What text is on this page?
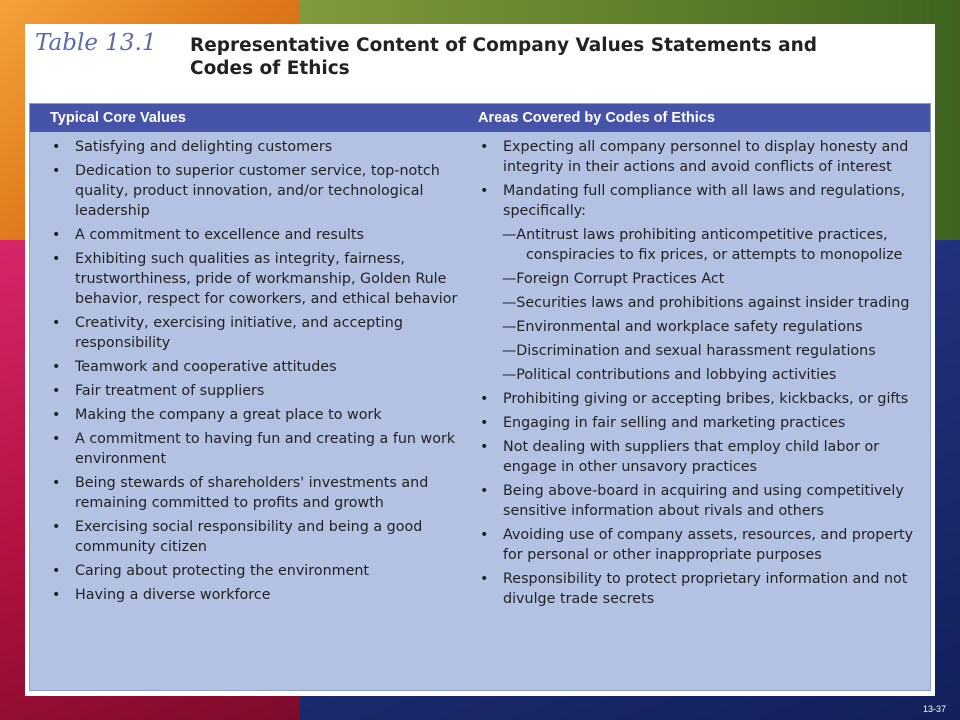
Table 13.1 Representative Content of Company Values Statements and Codes of Ethics
Typical Core Values	Areas Covered by Codes of Ethics
• Satisfying and delighting customers
• Dedication to superior customer service, top-notch quality, product innovation, and/or technological leadership
• A commitment to excellence and results
• Exhibiting such qualities as integrity, fairness, trustworthiness, pride of workmanship, Golden Rule behavior, respect for coworkers, and ethical behavior
• Creativity, exercising initiative, and accepting responsibility
• Teamwork and cooperative attitudes
• Fair treatment of suppliers
• Making the company a great place to work
• A commitment to having fun and creating a fun work environment
• Being stewards of shareholders' investments and remaining committed to profits and growth
• Exercising social responsibility and being a good community citizen
• Caring about protecting the environment
• Having a diverse workforce
• Expecting all company personnel to display honesty and integrity in their actions and avoid conflicts of interest
• Mandating full compliance with all laws and regulations, specifically:
—Antitrust laws prohibiting anticompetitive practices, conspiracies to fix prices, or attempts to monopolize
—Foreign Corrupt Practices Act
—Securities laws and prohibitions against insider trading
—Environmental and workplace safety regulations
—Discrimination and sexual harassment regulations
—Political contributions and lobbying activities
• Prohibiting giving or accepting bribes, kickbacks, or gifts
• Engaging in fair selling and marketing practices
• Not dealing with suppliers that employ child labor or engage in other unsavory practices
• Being above-board in acquiring and using competitively sensitive information about rivals and others
• Avoiding use of company assets, resources, and property for personal or other inappropriate purposes
• Responsibility to protect proprietary information and not divulge trade secrets
13-37
